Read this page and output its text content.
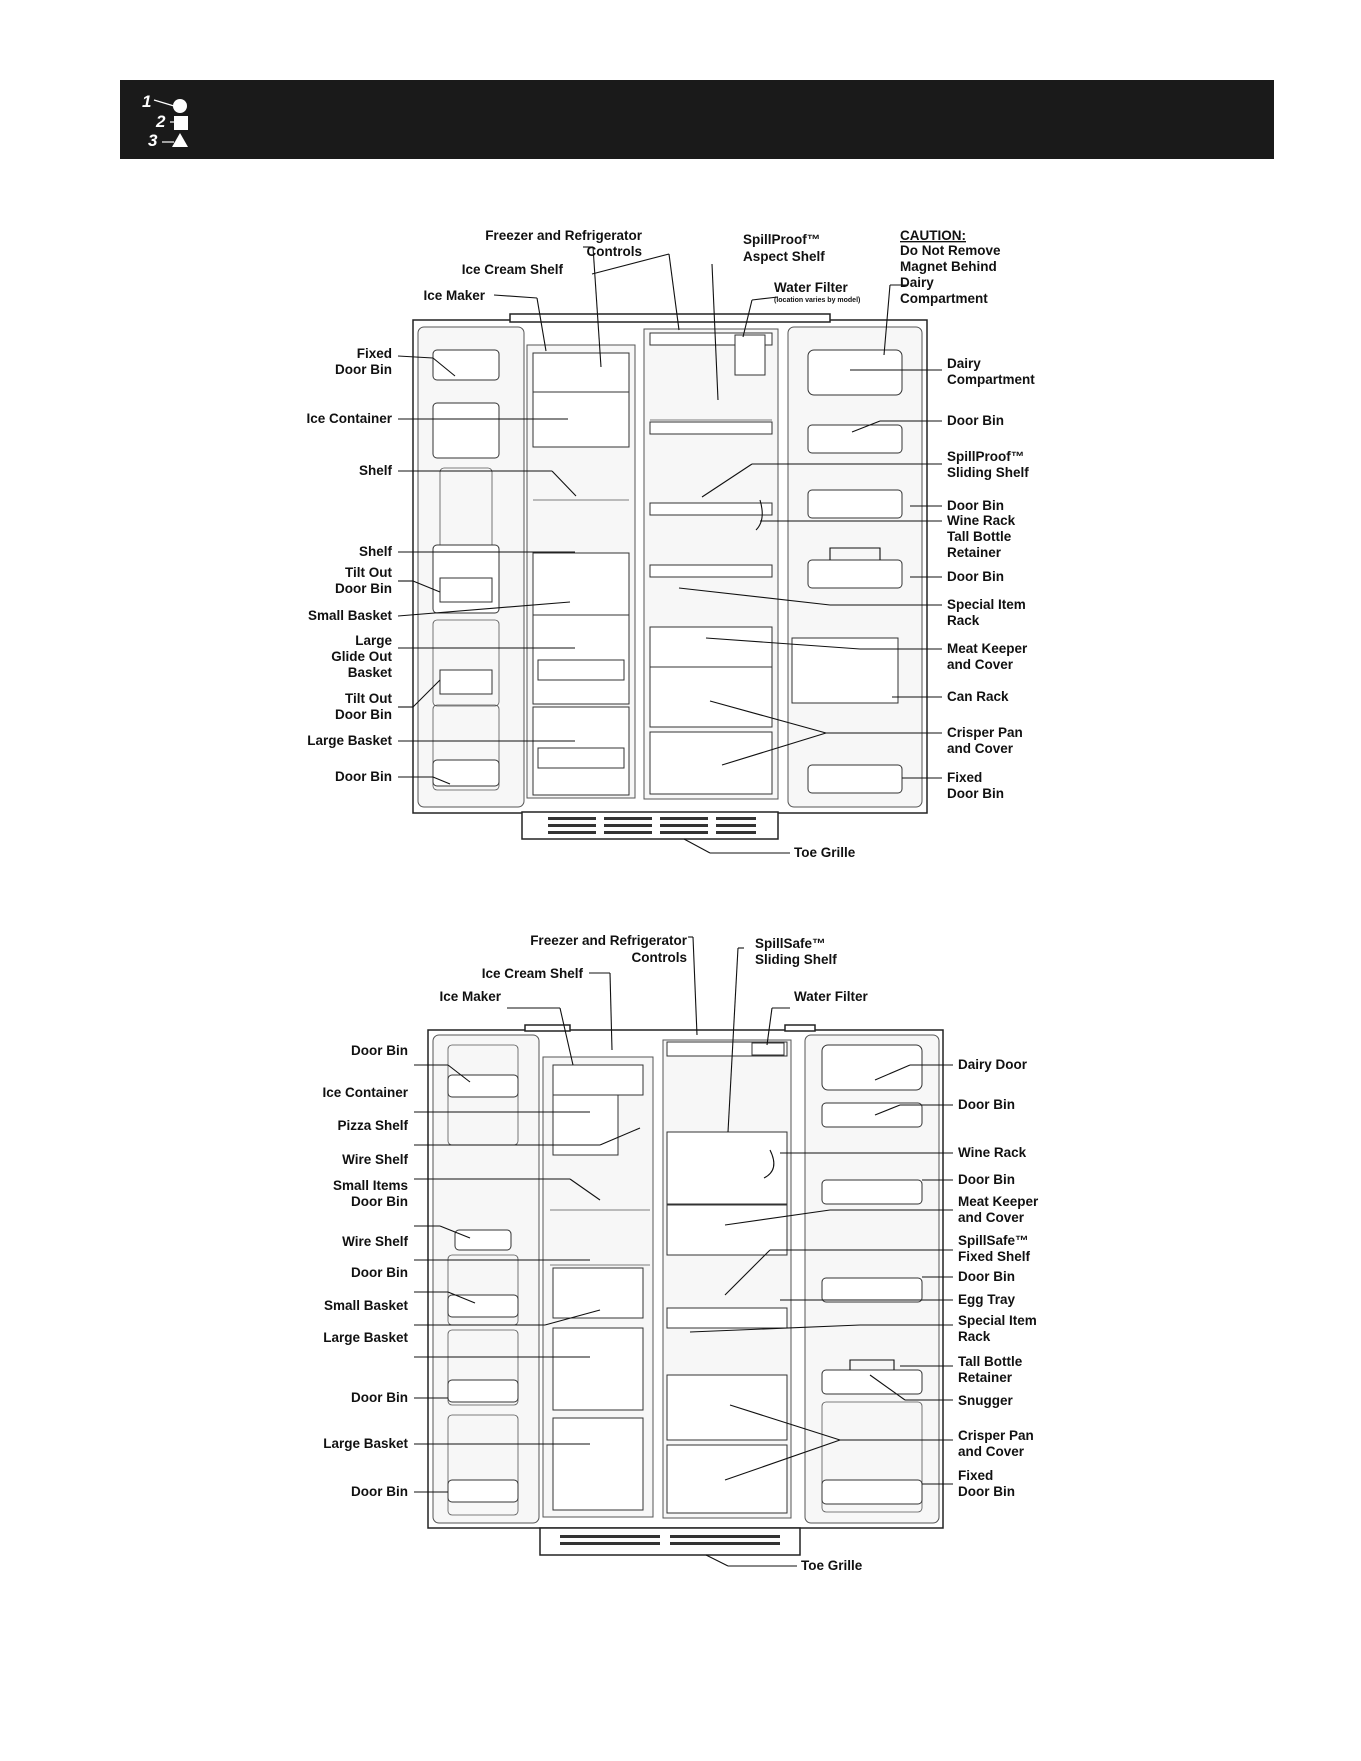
1
2
3
Freezer and Refrigerator
Controls
SpillProof™
Aspect Shelf
CAUTION:
Do Not Remove
Magnet Behind
Dairy
Compartment
Ice Cream Shelf
Ice Maker
Water Filter
(location varies by model)
Fixed
Door Bin
Ice Container
Shelf
Shelf
Tilt Out
Door Bin
Small Basket
Large
Glide Out
Basket
Tilt Out
Door Bin
Large Basket
Door Bin
Dairy
Compartment
Door Bin
SpillProof™
Sliding Shelf
Door Bin
Wine Rack
Tall Bottle
Retainer
Door Bin
Special Item
Rack
Meat Keeper
and Cover
Can Rack
Crisper Pan
and Cover
Fixed
Door Bin
Toe Grille
Freezer and Refrigerator
Controls
SpillSafe™
Sliding Shelf
Ice Cream Shelf
Ice Maker	Water Filter
Door Bin
Ice Container
Pizza Shelf
Wire Shelf
Small Items
Door Bin
Wire Shelf
Door Bin
Small Basket
Large Basket
Door Bin
Large Basket
Door Bin
Dairy Door
Door Bin
Wine Rack
Door Bin
Meat Keeper
and Cover
SpillSafe™
Fixed Shelf
Door Bin
Egg Tray
Special Item
Rack
Tall Bottle
Retainer
Snugger
Crisper Pan
and Cover
Fixed
Door Bin
Toe Grille
